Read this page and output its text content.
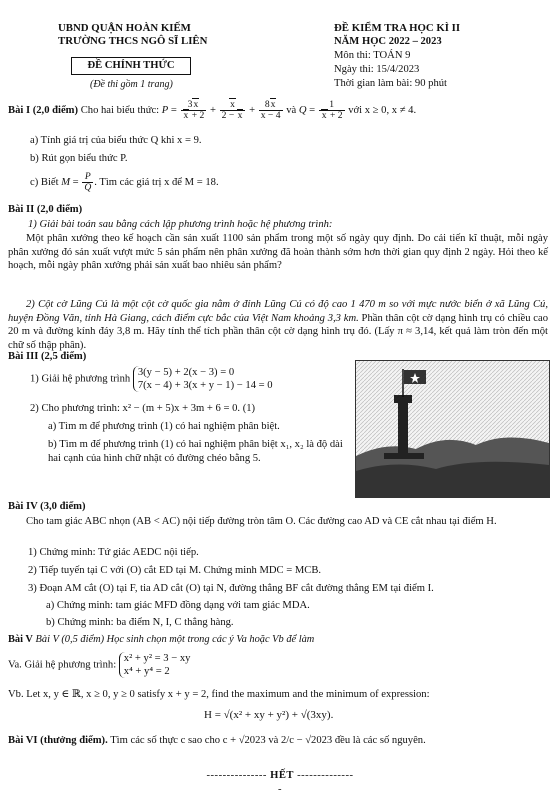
UBND QUẬN HOÀN KIẾM
TRƯỜNG THCS NGÔ SĨ LIÊN
ĐỀ CHÍNH THỨC
(Đề thi gồm 1 trang)
ĐỀ KIỂM TRA HỌC KÌ II
NĂM HỌC 2022 – 2023
Môn thi: TOÁN 9
Ngày thi: 15/4/2023
Thời gian làm bài: 90 phút
Bài I (2,0 điểm) Cho hai biểu thức: $P = \frac{3x}{x + 2} + \frac{x}{2 - x} + \frac{8x}{x - 4}$ và $Q = \frac{1}{x + 2}$ với x ≥ 0, x ≠ 4.
a) Tính giá trị của biểu thức Q khi x = 9.
b) Rút gọn biểu thức P.
c) Biết $M = \frac{P}{Q}$ . Tìm các giá trị x để M = 18.
Bài II (2,0 điểm)
1) Giải bài toán sau bằng cách lập phương trình hoặc hệ phương trình:
Một phân xưởng theo kế hoạch cần sản xuất 1100 sản phẩm trong một số ngày quy định. Do cải tiến kĩ thuật, mỗi ngày phân xưởng đó sản xuất vượt mức 5 sản phẩm nên phân xưởng đã hoàn thành sớm hơn thời gian quy định 2 ngày. Hỏi theo kế hoạch, mỗi ngày phân xưởng phải sản xuất bao nhiêu sản phẩm?
2) Cột cờ Lũng Cú là một cột cờ quốc gia nằm ở đỉnh Lũng Cú có độ cao 1 470 m so với mực nước biển ở xã Lũng Cú, huyện Đồng Văn, tỉnh Hà Giang, cách điểm cực bắc của Việt Nam khoảng 3,3 km. Phần thân cột cờ dạng hình trụ có chiều cao 20 m và đường kính đáy 3,8 m. Hãy tính thể tích phần thân cột cờ dạng hình trụ đó. (Lấy π ≈ 3,14, kết quả làm tròn đến một chữ số thập phân).
Bài III (2,5 điểm)
1) Giải hệ phương trình
3(y − 5) + 2(x − 3) = 0
7(x − 4) + 3(x + y − 1) − 14 = 0
2) Cho phương trình: x² − (m + 5)x + 3m + 6 = 0. (1)
a) Tìm m để phương trình (1) có hai nghiệm phân biệt.
b) Tìm m để phương trình (1) có hai nghiệm phân biệt x₁, x₂ là độ dài hai cạnh của hình chữ nhật có đường chéo bằng 5.
Bài IV (3,0 điểm)
Cho tam giác ABC nhọn (AB < AC) nội tiếp đường tròn tâm O. Các đường cao AD và CE cắt nhau tại điểm H.
1) Chứng minh: Tứ giác AEDC nội tiếp.
2) Tiếp tuyến tại C với (O) cắt ED tại M. Chứng minh MDC = MCB.
3) Đoạn AM cắt (O) tại F, tia AD cắt (O) tại N, đường thẳng BF cắt đường thẳng EM tại điểm I.
a) Chứng minh: tam giác MFD đồng dạng với tam giác MDA.
b) Chứng minh: ba điểm N, I, C thẳng hàng.
Bài V Bài V (0,5 điểm) Học sinh chọn một trong các ý Va hoặc Vb để làm
Va. Giải hệ phương trình:
x² + y² = 3 − xy
x⁴ + y⁴ = 2
Vb. Let x, y ∈ ℝ, x ≥ 0, y ≥ 0 satisfy x + y = 2, find the maximum and the minimum of expression:
H = √(x² + xy + y²) + √(3xy).
Bài VI (thưởng điểm). Tìm các số thực c sao cho c + √2023 và 2/c − √2023 đều là các số nguyên.
--------------- HẾT ---------------
